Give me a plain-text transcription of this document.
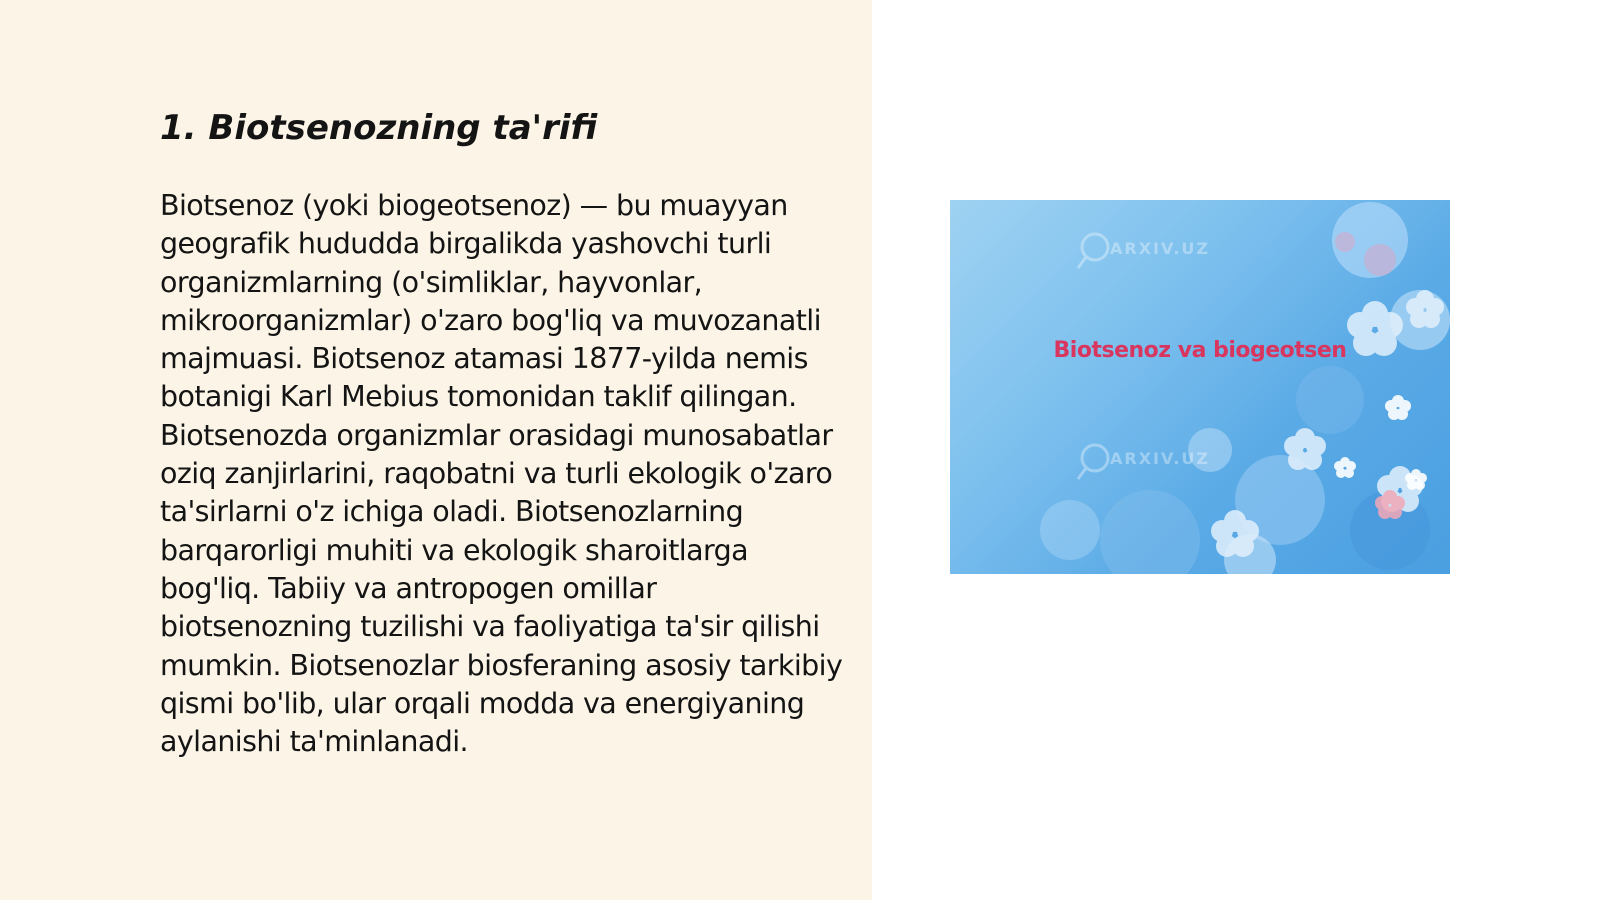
1. Biotsenozning ta'rifi

Biotsenoz (yoki biogeotsenoz) — bu muayyan geografik hududda birgalikda yashovchi turli organizmlarning (o'simliklar, hayvonlar, mikroorganizmlar) o'zaro bog'liq va muvozanatli majmuasi. Biotsenoz atamasi 1877-yilda nemis botanigi Karl Mebius tomonidan taklif qilingan. Biotsenozda organizmlar orasidagi munosabatlar oziq zanjirlarini, raqobatni va turli ekologik o'zaro ta'sirlarni o'z ichiga oladi. Biotsenozlarning barqarorligi muhiti va ekologik sharoitlarga bog'liq. Tabiiy va antropogen omillar biotsenozning tuzilishi va faoliyatiga ta'sir qilishi mumkin. Biotsenozlar biosferaning asosiy tarkibiy qismi bo'lib, ular orqali modda va energiyaning aylanishi ta'minlanadi.

ARXIV.UZ
ARXIV.UZ
Biotsenoz va biogeotsen
